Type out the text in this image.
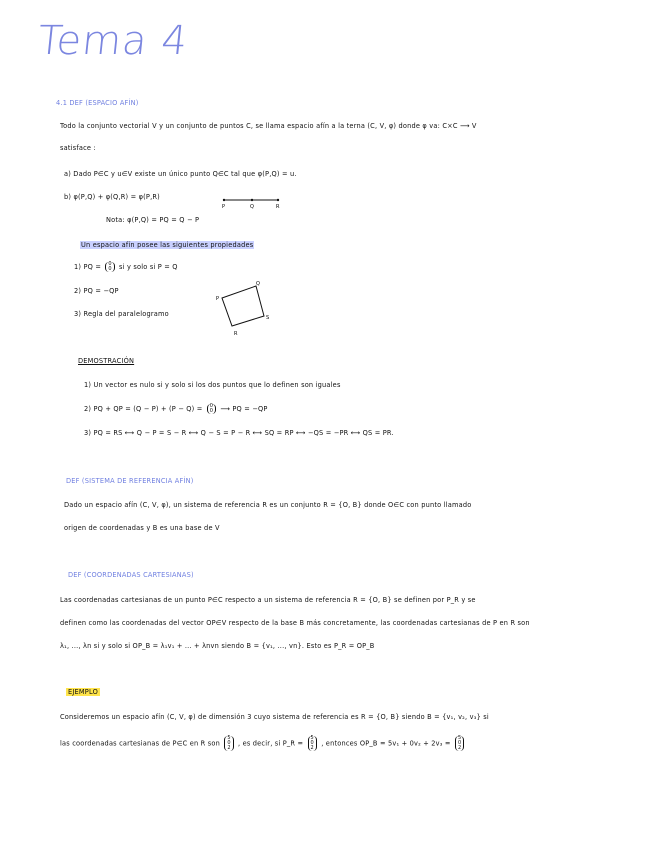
Tema 4
4.1 DEF (ESPACIO AFÍN)
Todo la conjunto vectorial V y un conjunto de puntos C, se llama espacio afín a la terna (C, V, φ) donde φ va: C×C ⟶ V
satisface :
a) Dado P∈C y u∈V existe un único punto Q∈C tal que φ(P,Q) = u.
b) φ(P,Q) + φ(Q,R) = φ(P,R)
P	Q	R
Nota: φ(P,Q) = PQ = Q − P
Un espacio afín posee las siguientes propiedades
1) PQ = 0
0 si y solo si P = Q
2) PQ = −QP
3) Regla del paralelogramo
P
Q
S
R
DEMOSTRACIÓN
1) Un vector es nulo si y solo si los dos puntos que lo definen son iguales
2) PQ + QP = (Q − P) + (P − Q) = 0
0 ⟶ PQ = −QP
3) PQ = RS ⟷ Q − P = S − R ⟷ Q − S = P − R ⟷ SQ = RP ⟷ −QS = −PR ⟷ QS = PR.
DEF (SISTEMA DE REFERENCIA AFÍN)
Dado un espacio afín (C, V, φ), un sistema de referencia R es un conjunto R = {O, B} donde O∈C con punto llamado
origen de coordenadas y B es una base de V
DEF (COORDENADAS CARTESIANAS)
Las coordenadas cartesianas de un punto P∈C respecto a un sistema de referencia R = {O, B} se definen por P_R y se
definen como las coordenadas del vector OP∈V respecto de la base B más concretamente, las coordenadas cartesianas de P en R son
λ₁, ..., λn si y solo si OP_B = λ₁v₁ + ... + λnvn siendo B = {v₁, ..., vn}. Esto es P_R = OP_B
EJEMPLO
Consideremos un espacio afín (C, V, φ) de dimensión 3 cuyo sistema de referencia es R = {O, B} siendo B = {v₁, v₂, v₃} si
las coordenadas cartesianas de P∈C en R son 5
0
2 , es decir, si P_R = 5
0
2 , entonces OP_B = 5v₁ + 0v₂ + 2v₃ = 5
0
2
